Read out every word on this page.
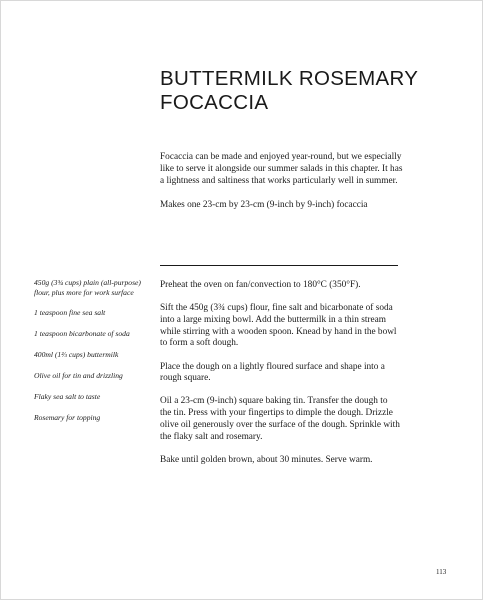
BUTTERMILK ROSEMARY
FOCACCIA

Focaccia can be made and enjoyed year-round, but we especially like to serve it alongside our summer salads in this chapter. It has a lightness and saltiness that works particularly well in summer.

Makes one 23-cm by 23-cm (9-inch by 9-inch) focaccia

450g (3¾ cups) plain (all-purpose) flour, plus more for work surface
1 teaspoon fine sea salt
1 teaspoon bicarbonate of soda
400ml (1⅔ cups) buttermilk
Olive oil for tin and drizzling
Flaky sea salt to taste
Rosemary for topping

Preheat the oven on fan/convection to 180°C (350°F).

Sift the 450g (3¾ cups) flour, fine salt and bicarbonate of soda into a large mixing bowl. Add the buttermilk in a thin stream while stirring with a wooden spoon. Knead by hand in the bowl to form a soft dough.

Place the dough on a lightly floured surface and shape into a rough square.

Oil a 23-cm (9-inch) square baking tin. Transfer the dough to the tin. Press with your fingertips to dimple the dough. Drizzle olive oil generously over the surface of the dough. Sprinkle with the flaky salt and rosemary.

Bake until golden brown, about 30 minutes. Serve warm.

113
